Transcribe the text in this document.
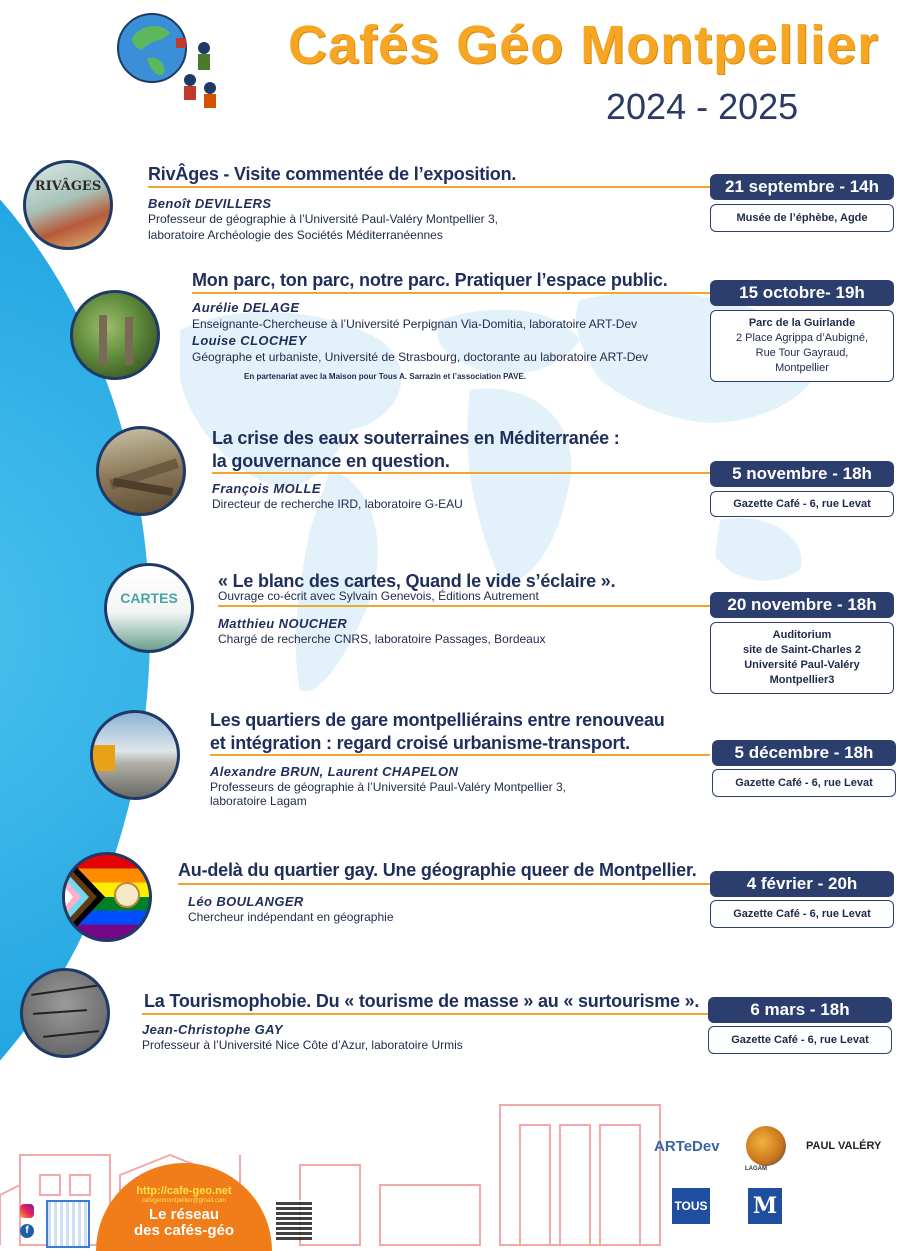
Cafés Géo Montpellier
2024 - 2025
RIVÂGES
RivÂges - Visite commentée de l’exposition.
Benoît DEVILLERS
Professeur de géographie à l’Université Paul-Valéry Montpellier 3,
laboratoire Archéologie des Sociétés Méditerranéennes
21 septembre - 14h
Musée de l’éphèbe, Agde
Mon parc, ton parc, notre parc. Pratiquer l’espace public.
Aurélie DELAGE
Enseignante-Chercheuse à l’Université Perpignan Via-Domitia, laboratoire ART-Dev
Louise CLOCHEY
Géographe et urbaniste, Université de Strasbourg, doctorante au laboratoire ART-Dev
En partenariat avec la Maison pour Tous A. Sarrazin et l’association PAVE.
15 octobre- 19h
Parc de la Guirlande
2 Place Agrippa d’Aubigné,
Rue Tour Gayraud,
Montpellier
La crise des eaux souterraines en Méditerranée :
la gouvernance en question.
François MOLLE
Directeur de recherche IRD, laboratoire G-EAU
5 novembre - 18h
Gazette Café - 6, rue Levat
CARTES
« Le blanc des cartes, Quand le vide s’éclaire ».
Ouvrage co-écrit avec Sylvain Genevois, Éditions Autrement
Matthieu NOUCHER
Chargé de recherche CNRS, laboratoire Passages, Bordeaux
20 novembre - 18h
Auditorium
site de Saint-Charles 2
Université Paul-Valéry
Montpellier3
Les quartiers de gare montpelliérains entre renouveau
et intégration : regard croisé urbanisme-transport.
Alexandre BRUN, Laurent CHAPELON
Professeurs de géographie à l’Université Paul-Valéry Montpellier 3,
laboratoire Lagam
5 décembre - 18h
Gazette Café - 6, rue Levat
Au-delà du quartier gay. Une géographie queer de Montpellier.
Léo BOULANGER
Chercheur indépendant en géographie
4 février - 20h
Gazette Café - 6, rue Levat
La Tourismophobie. Du « tourisme de masse » au « surtourisme ».
Jean-Christophe GAY
Professeur à l’Université Nice Côte d’Azur, laboratoire Urmis
6 mars - 18h
Gazette Café - 6, rue Levat
f
http://cafe-geo.net
cafegeomontpellier@gmail.com
Le réseau
des cafés-géo
ARTeDev
LAGAM
PAUL VALÉRY
TOUS M
